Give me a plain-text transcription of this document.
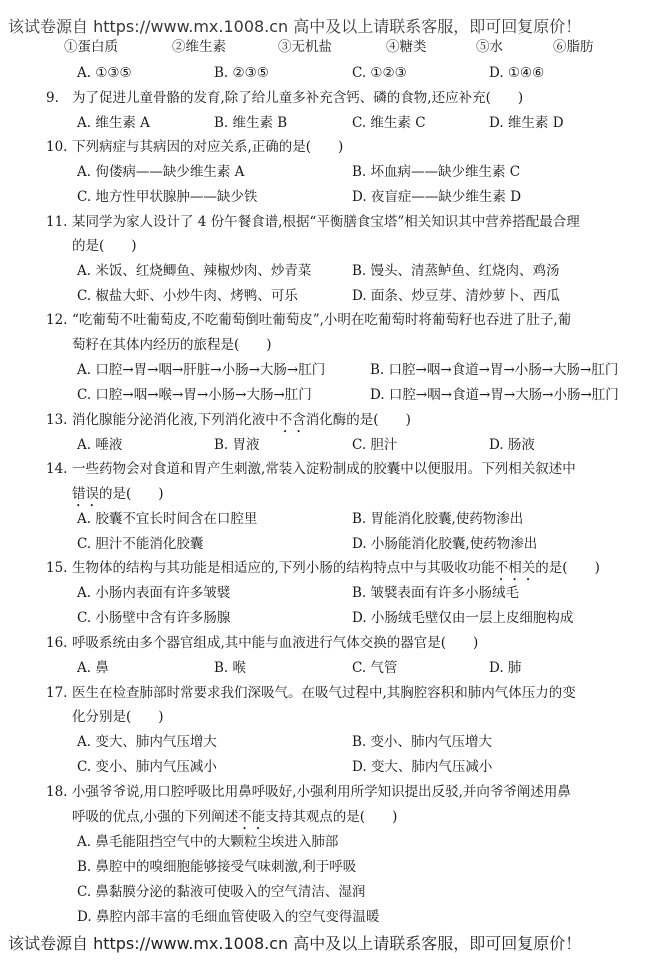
该试卷源自 https://www.mx.1008.cn 高中及以上请联系客服，即可回复原价！
①蛋白质	②维生素	③无机盐	④糖类	⑤水	⑥脂肪
A. ①③⑤	B. ②③⑤	C. ①②③	D. ①④⑥
9. 为了促进儿童骨骼的发育,除了给儿童多补充含钙、磷的食物,还应补充(　　)
A. 维生素 A	B. 维生素 B	C. 维生素 C	D. 维生素 D
10. 下列病症与其病因的对应关系,正确的是(　　)
A. 佝偻病——缺少维生素 A	B. 坏血病——缺少维生素 C
C. 地方性甲状腺肿——缺少铁	D. 夜盲症——缺少维生素 D
11. 某同学为家人设计了 4 份午餐食谱,根据“平衡膳食宝塔”相关知识其中营养搭配最合理
的是(　　)
A. 米饭、红烧鲫鱼、辣椒炒肉、炒青菜	B. 馒头、清蒸鲈鱼、红烧肉、鸡汤
C. 椒盐大虾、小炒牛肉、烤鸭、可乐	D. 面条、炒豆芽、清炒萝卜、西瓜
12. “吃葡萄不吐葡萄皮,不吃葡萄倒吐葡萄皮”,小明在吃葡萄时将葡萄籽也吞进了肚子,葡
萄籽在其体内经历的旅程是(　　)
A. 口腔→胃→咽→肝脏→小肠→大肠→肛门	B. 口腔→咽→食道→胃→小肠→大肠→肛门
C. 口腔→咽→喉→胃→小肠→大肠→肛门	D. 口腔→咽→食道→胃→大肠→小肠→肛门
13. 消化腺能分泌消化液,下列消化液中不含消化酶的是(　　)
A. 唾液	B. 胃液	C. 胆汁	D. 肠液
14. 一些药物会对食道和胃产生刺激,常装入淀粉制成的胶囊中以便服用。下列相关叙述中
错误的是(　　)
A. 胶囊不宜长时间含在口腔里	B. 胃能消化胶囊,使药物渗出
C. 胆汁不能消化胶囊	D. 小肠能消化胶囊,使药物渗出
15. 生物体的结构与其功能是相适应的,下列小肠的结构特点中与其吸收功能不相关的是(　　)
A. 小肠内表面有许多皱襞	B. 皱襞表面有许多小肠绒毛
C. 小肠壁中含有许多肠腺	D. 小肠绒毛壁仅由一层上皮细胞构成
16. 呼吸系统由多个器官组成,其中能与血液进行气体交换的器官是(　　)
A. 鼻	B. 喉	C. 气管	D. 肺
17. 医生在检查肺部时常要求我们深吸气。在吸气过程中,其胸腔容积和肺内气体压力的变
化分别是(　　)
A. 变大、肺内气压增大	B. 变小、肺内气压增大
C. 变小、肺内气压减小	D. 变大、肺内气压减小
18. 小强爷爷说,用口腔呼吸比用鼻呼吸好,小强利用所学知识提出反驳,并向爷爷阐述用鼻
呼吸的优点,小强的下列阐述不能支持其观点的是(　　)
A. 鼻毛能阻挡空气中的大颗粒尘埃进入肺部
B. 鼻腔中的嗅细胞能够接受气味刺激,利于呼吸
C. 鼻黏膜分泌的黏液可使吸入的空气清洁、湿润
D. 鼻腔内部丰富的毛细血管使吸入的空气变得温暖
该试卷源自 https://www.mx.1008.cn 高中及以上请联系客服，即可回复原价！
